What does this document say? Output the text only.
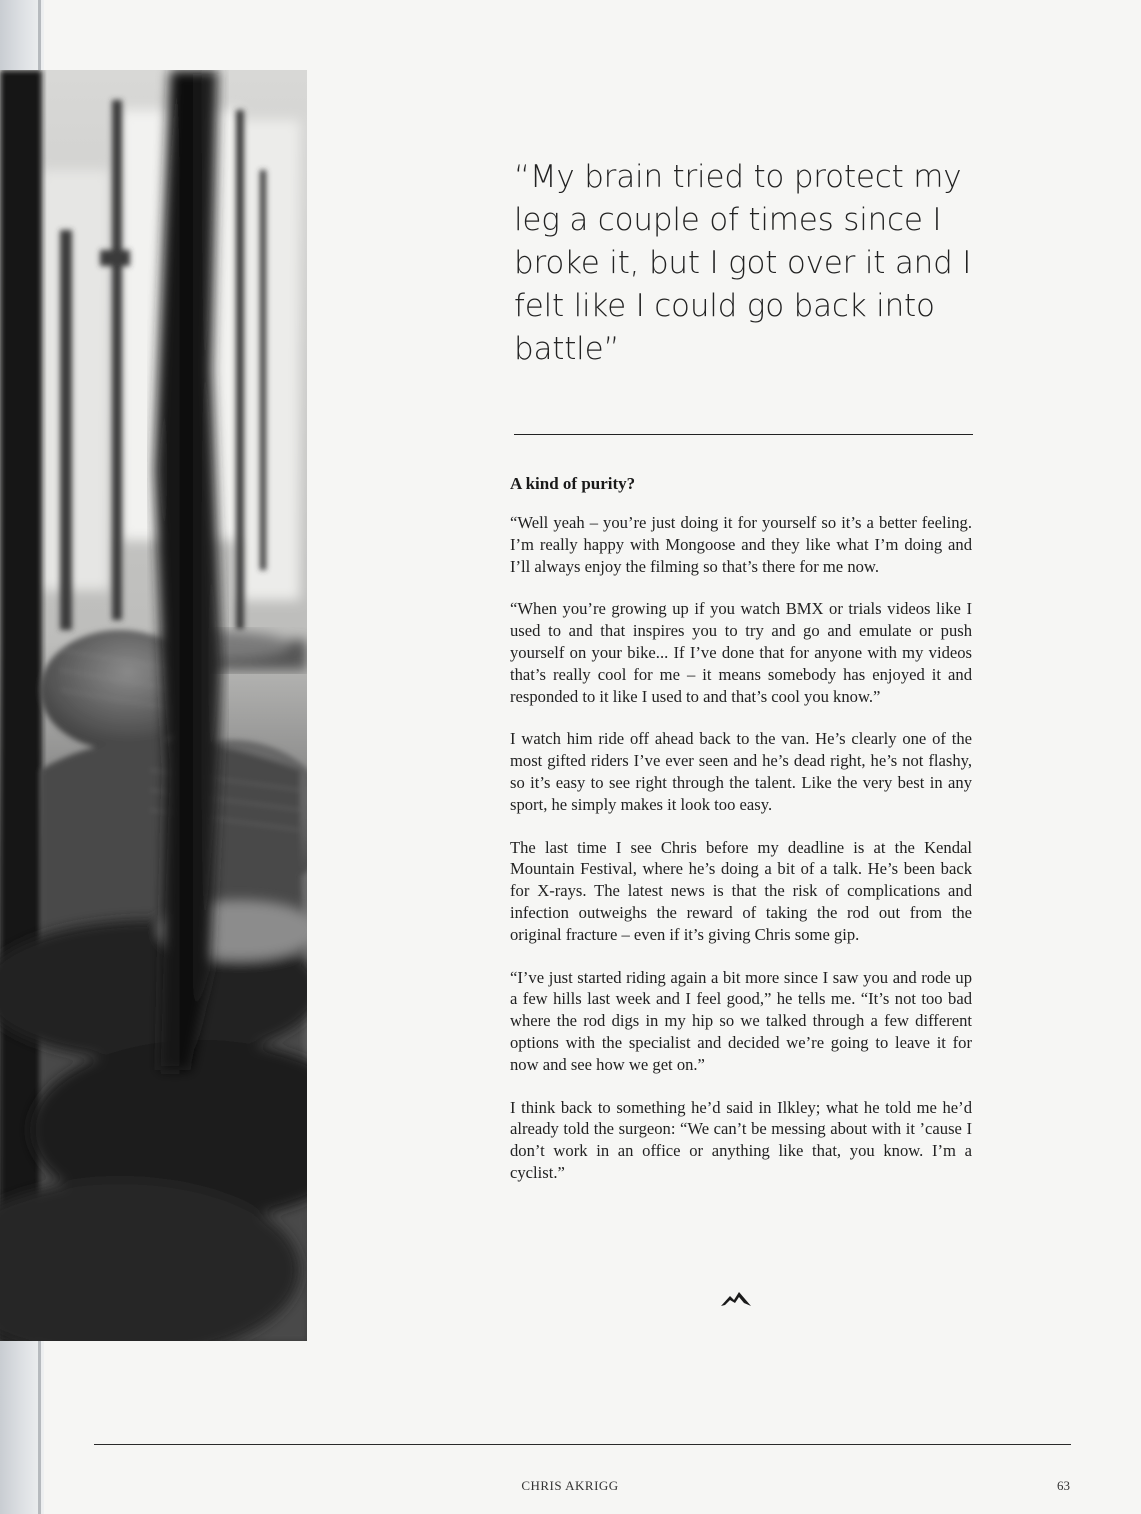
“My brain tried to protect my leg a couple of times since I broke it, but I got over it and I felt like I could go back into battle”

A kind of purity?

“Well yeah – you’re just doing it for yourself so it’s a better feeling. I’m really happy with Mongoose and they like what I’m doing and I’ll always enjoy the filming so that’s there for me now.

“When you’re growing up if you watch BMX or trials videos like I used to and that inspires you to try and go and emulate or push yourself on your bike... If I’ve done that for anyone with my videos that’s really cool for me – it means somebody has enjoyed it and responded to it like I used to and that’s cool you know.”

I watch him ride off ahead back to the van. He’s clearly one of the most gifted riders I’ve ever seen and he’s dead right, he’s not flashy, so it’s easy to see right through the talent. Like the very best in any sport, he simply makes it look too easy.

The last time I see Chris before my deadline is at the Kendal Mountain Festival, where he’s doing a bit of a talk. He’s been back for X-rays. The latest news is that the risk of complications and infection outweighs the reward of taking the rod out from the original fracture – even if it’s giving Chris some gip.

“I’ve just started riding again a bit more since I saw you and rode up a few hills last week and I feel good,” he tells me. “It’s not too bad where the rod digs in my hip so we talked through a few different options with the specialist and decided we’re going to leave it for now and see how we get on.”

I think back to something he’d said in Ilkley; what he told me he’d already told the surgeon: “We can’t be messing about with it ’cause I don’t work in an office or anything like that, you know. I’m a cyclist.”

CHRIS AKRIGG	63
